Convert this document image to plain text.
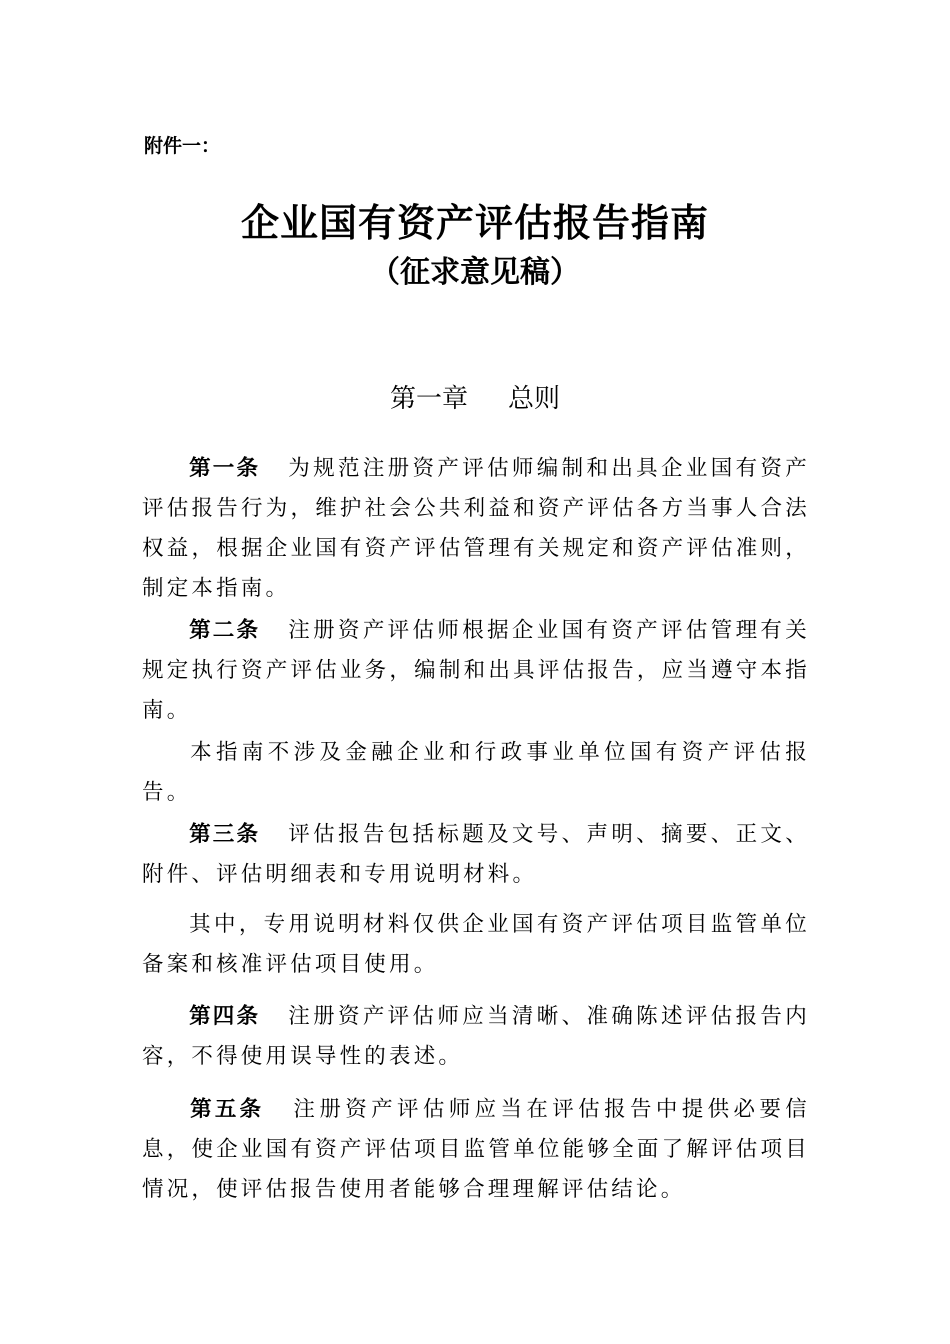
附件一：
企业国有资产评估报告指南
（征求意见稿）
第一章 总则
第一条 为规范注册资产评估师编制和出具企业国有资产评估报告行为，维护社会公共利益和资产评估各方当事人合法权益，根据企业国有资产评估管理有关规定和资产评估准则，制定本指南。
第二条 注册资产评估师根据企业国有资产评估管理有关规定执行资产评估业务，编制和出具评估报告，应当遵守本指南。
本指南不涉及金融企业和行政事业单位国有资产评估报告。
第三条 评估报告包括标题及文号、声明、摘要、正文、附件、评估明细表和专用说明材料。
其中，专用说明材料仅供企业国有资产评估项目监管单位备案和核准评估项目使用。
第四条 注册资产评估师应当清晰、准确陈述评估报告内容，不得使用误导性的表述。
第五条 注册资产评估师应当在评估报告中提供必要信息，使企业国有资产评估项目监管单位能够全面了解评估项目情况，使评估报告使用者能够合理理解评估结论。
